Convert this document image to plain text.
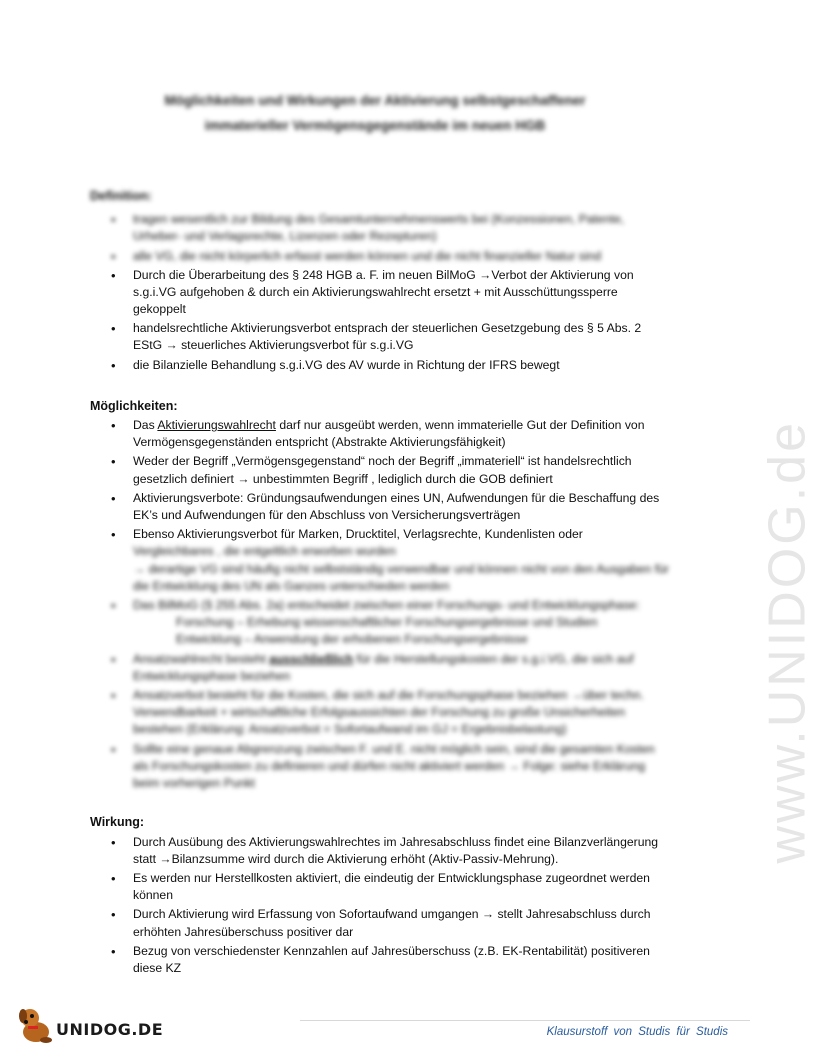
www.UNIDOG.de
Möglichkeiten und Wirkungen der Aktivierung selbstgeschaffener
immaterieller Vermögensgegenstände im neuen HGB
Definition:
• tragen wesentlich zur Bildung des Gesamtunternehmenswerts bei (Konzessionen, Patente, Urheber- und Verlagsrechte, Lizenzen oder Rezepturen)
• alle VG, die nicht körperlich erfasst werden können und die nicht finanzieller Natur sind
• Durch die Überarbeitung des § 248 HGB a. F. im neuen BilMoG →Verbot der Aktivierung von s.g.i.VG aufgehoben & durch ein Aktivierungswahlrecht ersetzt + mit Ausschüttungssperre gekoppelt
• handelsrechtliche Aktivierungsverbot entsprach der steuerlichen Gesetzgebung des § 5 Abs. 2 EStG → steuerliches Aktivierungsverbot für s.g.i.VG
• die Bilanzielle Behandlung s.g.i.VG des AV wurde in Richtung der IFRS bewegt
Möglichkeiten:
• Das Aktivierungswahlrecht darf nur ausgeübt werden, wenn immaterielle Gut der Definition von Vermögensgegenständen entspricht (Abstrakte Aktivierungsfähigkeit)
• Weder der Begriff „Vermögensgegenstand“ noch der Begriff „immateriell“ ist handelsrechtlich gesetzlich definiert → unbestimmten Begriff , lediglich durch die GOB definiert
• Aktivierungsverbote: Gründungsaufwendungen eines UN, Aufwendungen für die Beschaffung des EK’s und Aufwendungen für den Abschluss von Versicherungsverträgen
• Ebenso Aktivierungsverbot für Marken, Drucktitel, Verlagsrechte, Kundenlisten oder
Vergleichbares , die entgeltlich erworben wurden
→ derartige VG sind häufig nicht selbstständig verwendbar und können nicht von den Ausgaben für die Entwicklung des UN als Ganzes unterschieden werden
• Das BilMoG (§ 255 Abs. 2a) entscheidet zwischen einer Forschungs- und Entwicklungsphase:
Forschung – Erhebung wissenschaftlicher Forschungsergebnisse und Studien
Entwicklung – Anwendung der erhobenen Forschungsergebnisse
• Ansatzwahlrecht besteht ausschließlich für die Herstellungskosten der s.g.i.VG, die sich auf Entwicklungsphase beziehen
• Ansatzverbot besteht für die Kosten, die sich auf die Forschungsphase beziehen →über techn. Verwendbarkeit + wirtschaftliche Erfolgsaussichten der Forschung zu große Unsicherheiten bestehen (Erklärung: Ansatzverbot = Sofortaufwand im GJ = Ergebnisbelastung)
• Sollte eine genaue Abgrenzung zwischen F. und E. nicht möglich sein, sind die gesamten Kosten als Forschungskosten zu definieren und dürfen nicht aktiviert werden → Folge: siehe Erklärung beim vorherigen Punkt
Wirkung:
• Durch Ausübung des Aktivierungswahlrechtes im Jahresabschluss findet eine Bilanzverlängerung statt →Bilanzsumme wird durch die Aktivierung erhöht (Aktiv-Passiv-Mehrung).
• Es werden nur Herstellkosten aktiviert, die eindeutig der Entwicklungsphase zugeordnet werden können
• Durch Aktivierung wird Erfassung von Sofortaufwand umgangen → stellt Jahresabschluss durch erhöhten Jahresüberschuss positiver dar
• Bezug von verschiedenster Kennzahlen auf Jahresüberschuss (z.B. EK-Rentabilität) positiveren diese KZ
UNIDOG.DE	Klausurstoff von Studis für Studis
